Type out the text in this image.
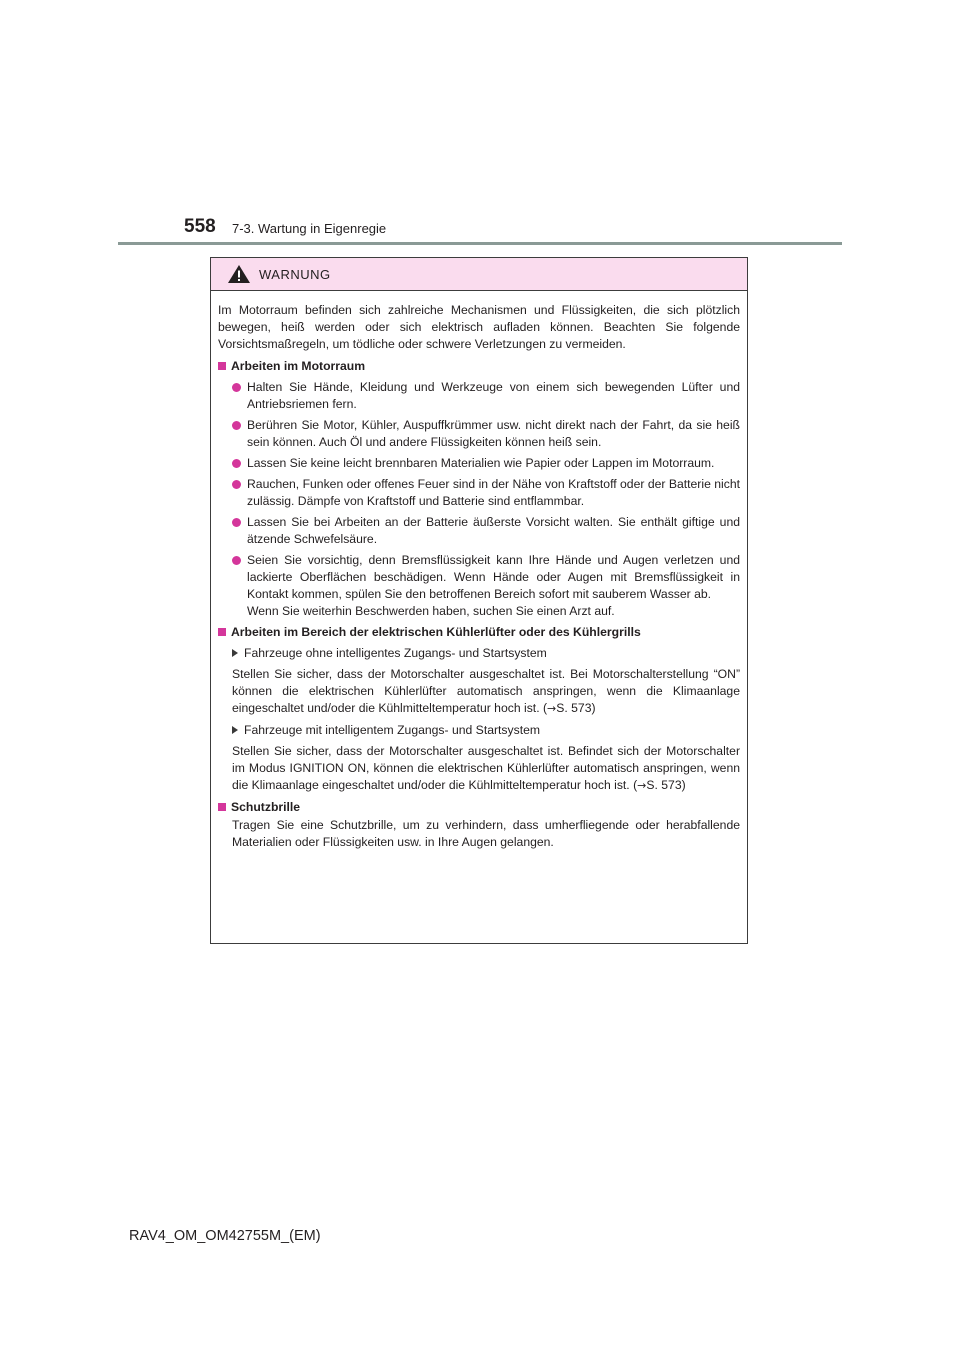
558 7-3. Wartung in Eigenregie
WARNUNG

Im Motorraum befinden sich zahlreiche Mechanismen und Flüssigkeiten, die sich plötzlich bewegen, heiß werden oder sich elektrisch aufladen können. Beachten Sie folgende Vorsichtsmaßregeln, um tödliche oder schwere Verletzungen zu vermeiden.

Arbeiten im Motorraum
Halten Sie Hände, Kleidung und Werkzeuge von einem sich bewegenden Lüfter und Antriebsriemen fern.
Berühren Sie Motor, Kühler, Auspuffkrümmer usw. nicht direkt nach der Fahrt, da sie heiß sein können. Auch Öl und andere Flüssigkeiten können heiß sein.
Lassen Sie keine leicht brennbaren Materialien wie Papier oder Lappen im Motorraum.
Rauchen, Funken oder offenes Feuer sind in der Nähe von Kraftstoff oder der Batterie nicht zulässig. Dämpfe von Kraftstoff und Batterie sind entflammbar.
Lassen Sie bei Arbeiten an der Batterie äußerste Vorsicht walten. Sie enthält giftige und ätzende Schwefelsäure.
Seien Sie vorsichtig, denn Bremsflüssigkeit kann Ihre Hände und Augen verletzen und lackierte Oberflächen beschädigen. Wenn Hände oder Augen mit Bremsflüssigkeit in Kontakt kommen, spülen Sie den betroffenen Bereich sofort mit sauberem Wasser ab.
Wenn Sie weiterhin Beschwerden haben, suchen Sie einen Arzt auf.
Arbeiten im Bereich der elektrischen Kühlerlüfter oder des Kühlergrills
Fahrzeuge ohne intelligentes Zugangs- und Startsystem

Stellen Sie sicher, dass der Motorschalter ausgeschaltet ist. Bei Motorschalterstellung “ON” können die elektrischen Kühlerlüfter automatisch anspringen, wenn die Klimaanlage eingeschaltet und/oder die Kühlmitteltemperatur hoch ist. (→S. 573)

Fahrzeuge mit intelligentem Zugangs- und Startsystem

Stellen Sie sicher, dass der Motorschalter ausgeschaltet ist. Befindet sich der Motorschalter im Modus IGNITION ON, können die elektrischen Kühlerlüfter automatisch anspringen, wenn die Klimaanlage eingeschaltet und/oder die Kühlmitteltemperatur hoch ist. (→S. 573)

Schutzbrille

Tragen Sie eine Schutzbrille, um zu verhindern, dass umherfliegende oder herabfallende Materialien oder Flüssigkeiten usw. in Ihre Augen gelangen.

RAV4_OM_OM42755M_(EM)
